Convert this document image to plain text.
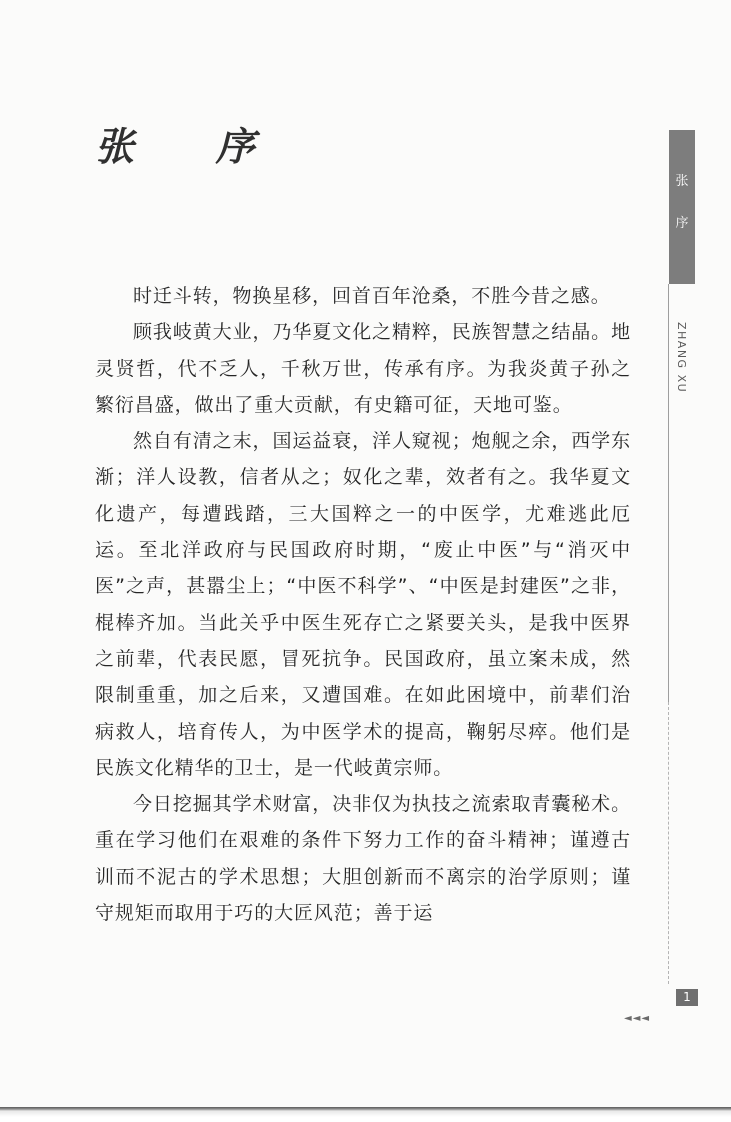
张 序

时迁斗转，物换星移，回首百年沧桑，不胜今昔之感。

顾我岐黄大业，乃华夏文化之精粹，民族智慧之结晶。地灵贤哲，代不乏人，千秋万世，传承有序。为我炎黄子孙之繁衍昌盛，做出了重大贡献，有史籍可征，天地可鉴。

然自有清之末，国运益衰，洋人窥视；炮舰之余，西学东渐；洋人设教，信者从之；奴化之辈，效者有之。我华夏文化遗产，每遭践踏，三大国粹之一的中医学，尤难逃此厄运。至北洋政府与民国政府时期，“废止中医”与“消灭中医”之声，甚嚣尘上；“中医不科学”、“中医是封建医”之非，棍棒齐加。当此关乎中医生死存亡之紧要关头，是我中医界之前辈，代表民愿，冒死抗争。民国政府，虽立案未成，然限制重重，加之后来，又遭国难。在如此困境中，前辈们治病救人，培育传人，为中医学术的提高，鞠躬尽瘁。他们是民族文化精华的卫士，是一代岐黄宗师。

今日挖掘其学术财富，决非仅为执技之流索取青囊秘术。重在学习他们在艰难的条件下努力工作的奋斗精神；谨遵古训而不泥古的学术思想；大胆创新而不离宗的治学原则；谨守规矩而取用于巧的大匠风范；善于运

张
序
ZHANG XU
1
◄◄◄
